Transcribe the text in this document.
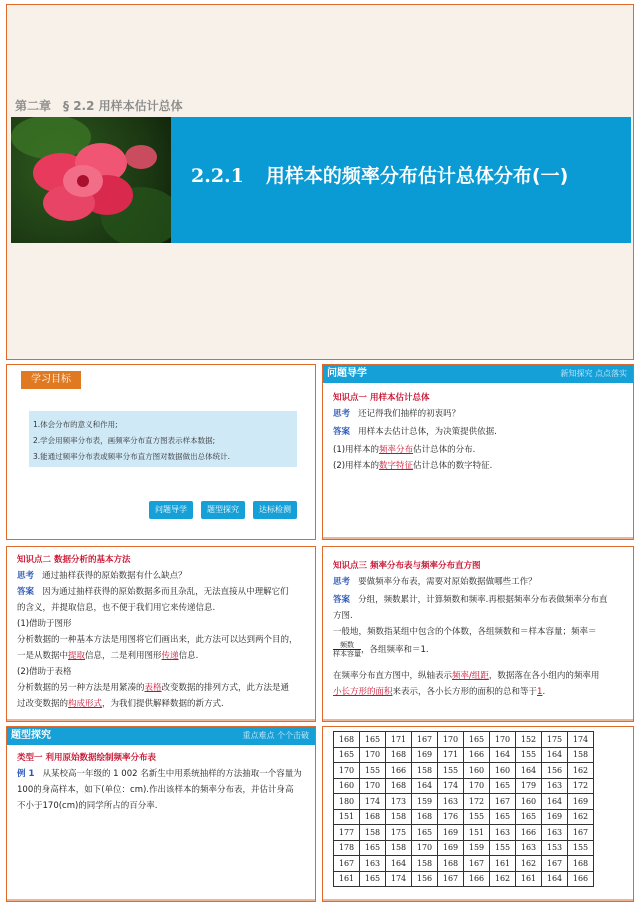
第二章 § 2.2 用样本估计总体
2.2.1 用样本的频率分布估计总体分布(一)
学习目标
1.体会分布的意义和作用;
2.学会用频率分布表，画频率分布直方图表示样本数据;
3.能通过频率分布表或频率分布直方图对数据做出总体统计.
问题导学	题型探究	达标检测
问题导学	新知探究 点点落实
知识点一 用样本估计总体
思考 还记得我们抽样的初衷吗？
答案 用样本去估计总体，为决策提供依据.
(1)用样本的频率分布估计总体的分布.
(2)用样本的数字特征估计总体的数字特征.
知识点二 数据分析的基本方法
思考 通过抽样获得的原始数据有什么缺点？
答案 因为通过抽样获得的原始数据多而且杂乱，无法直接从中理解它们
的含义，并提取信息，也不便于我们用它来传递信息.
(1)借助于图形
分析数据的一种基本方法是用图将它们画出来，此方法可以达到两个目的，
一是从数据中提取信息，二是利用图形传递信息.
(2)借助于表格
分析数据的另一种方法是用紧凑的表格改变数据的排列方式，此方法是通
过改变数据的构成形式，为我们提供解释数据的新方式.
知识点三 频率分布表与频率分布直方图
思考 要做频率分布表，需要对原始数据做哪些工作？
答案 分组，频数累计，计算频数和频率.再根据频率分布表做频率分布直
方图.
一般地，频数指某组中包含的个体数，各组频数和＝样本容量；频率＝
频数
样本容量 ，各组频率和＝1.
在频率分布直方图中，纵轴表示频率/组距，数据落在各小组内的频率用
小长方形的面积来表示，各小长方形的面积的总和等于1.
题型探究	重点难点 个个击破
类型一 利用原始数据绘制频率分布表
例 1 从某校高一年级的 1 002 名新生中用系统抽样的方法抽取一个容量为
100的身高样本，如下(单位：cm).作出该样本的频率分布表，并估计身高
不小于170(cm)的同学所占的百分率.
168	165	171	167	170	165	170	152	175	174
165	170	168	169	171	166	164	155	164	158
170	155	166	158	155	160	160	164	156	162
160	170	168	164	174	170	165	179	163	172
180	174	173	159	163	172	167	160	164	169
151	168	158	168	176	155	165	165	169	162
177	158	175	165	169	151	163	166	163	167
178	165	158	170	169	159	155	163	153	155
167	163	164	158	168	167	161	162	167	168
161	165	174	156	167	166	162	161	164	166
